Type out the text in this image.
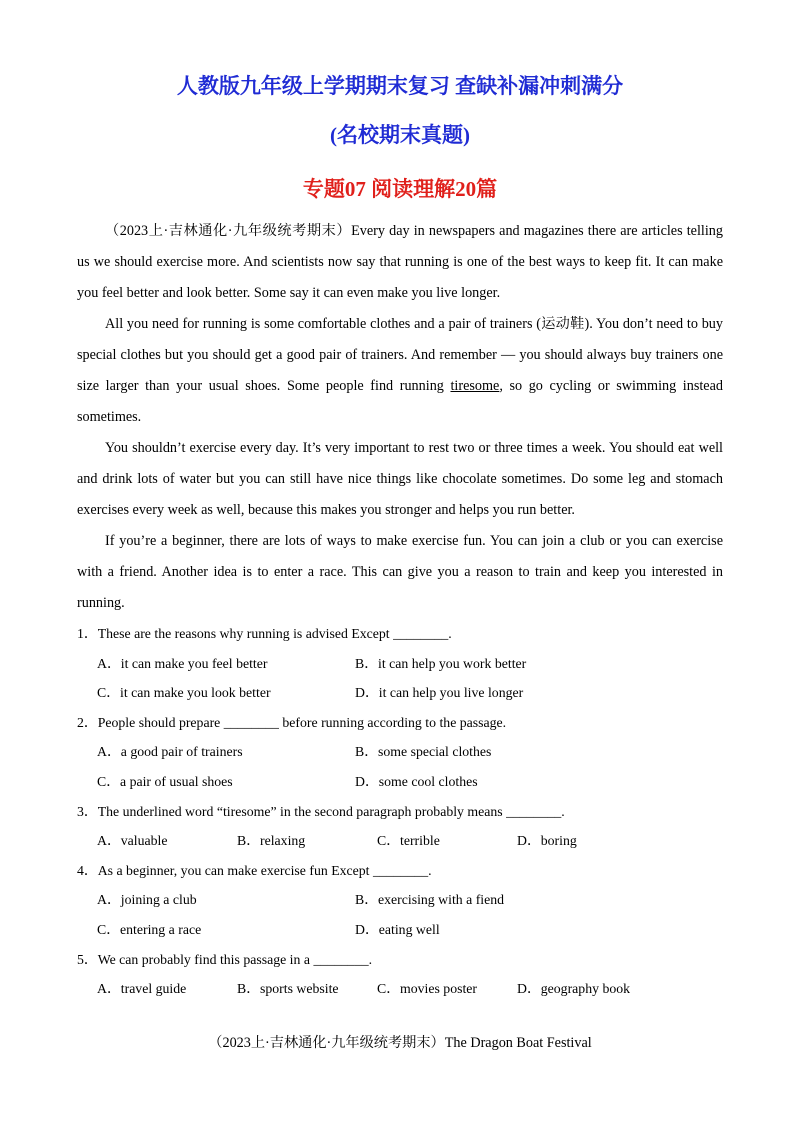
人教版九年级上学期期末复习 查缺补漏冲刺满分
(名校期末真题)
专题07 阅读理解20篇

（2023上·吉林通化·九年级统考期末）Every day in newspapers and magazines there are articles telling us we should exercise more. And scientists now say that running is one of the best ways to keep fit. It can make you feel better and look better. Some say it can even make you live longer.

All you need for running is some comfortable clothes and a pair of trainers (运动鞋). You don’t need to buy special clothes but you should get a good pair of trainers. And remember — you should always buy trainers one size larger than your usual shoes. Some people find running tiresome, so go cycling or swimming instead sometimes.

You shouldn’t exercise every day. It’s very important to rest two or three times a week. You should eat well and drink lots of water but you can still have nice things like chocolate sometimes. Do some leg and stomach exercises every week as well, because this makes you stronger and helps you run better.

If you’re a beginner, there are lots of ways to make exercise fun. You can join a club or you can exercise with a friend. Another idea is to enter a race. This can give you a reason to train and keep you interested in running.

1．These are the reasons why running is advised Except ________.
A．it can make you feel better	B．it can help you work better
C．it can make you look better	D．it can help you live longer
2．People should prepare ________ before running according to the passage.
A．a good pair of trainers	B．some special clothes
C．a pair of usual shoes	D．some cool clothes
3．The underlined word “tiresome” in the second paragraph probably means ________.
A．valuable	B．relaxing	C．terrible	D．boring
4．As a beginner, you can make exercise fun Except ________.
A．joining a club	B．exercising with a fiend
C．entering a race	D．eating well
5．We can probably find this passage in a ________.
A．travel guide	B．sports website	C．movies poster	D．geography book
（2023上·吉林通化·九年级统考期末）The Dragon Boat Festival
